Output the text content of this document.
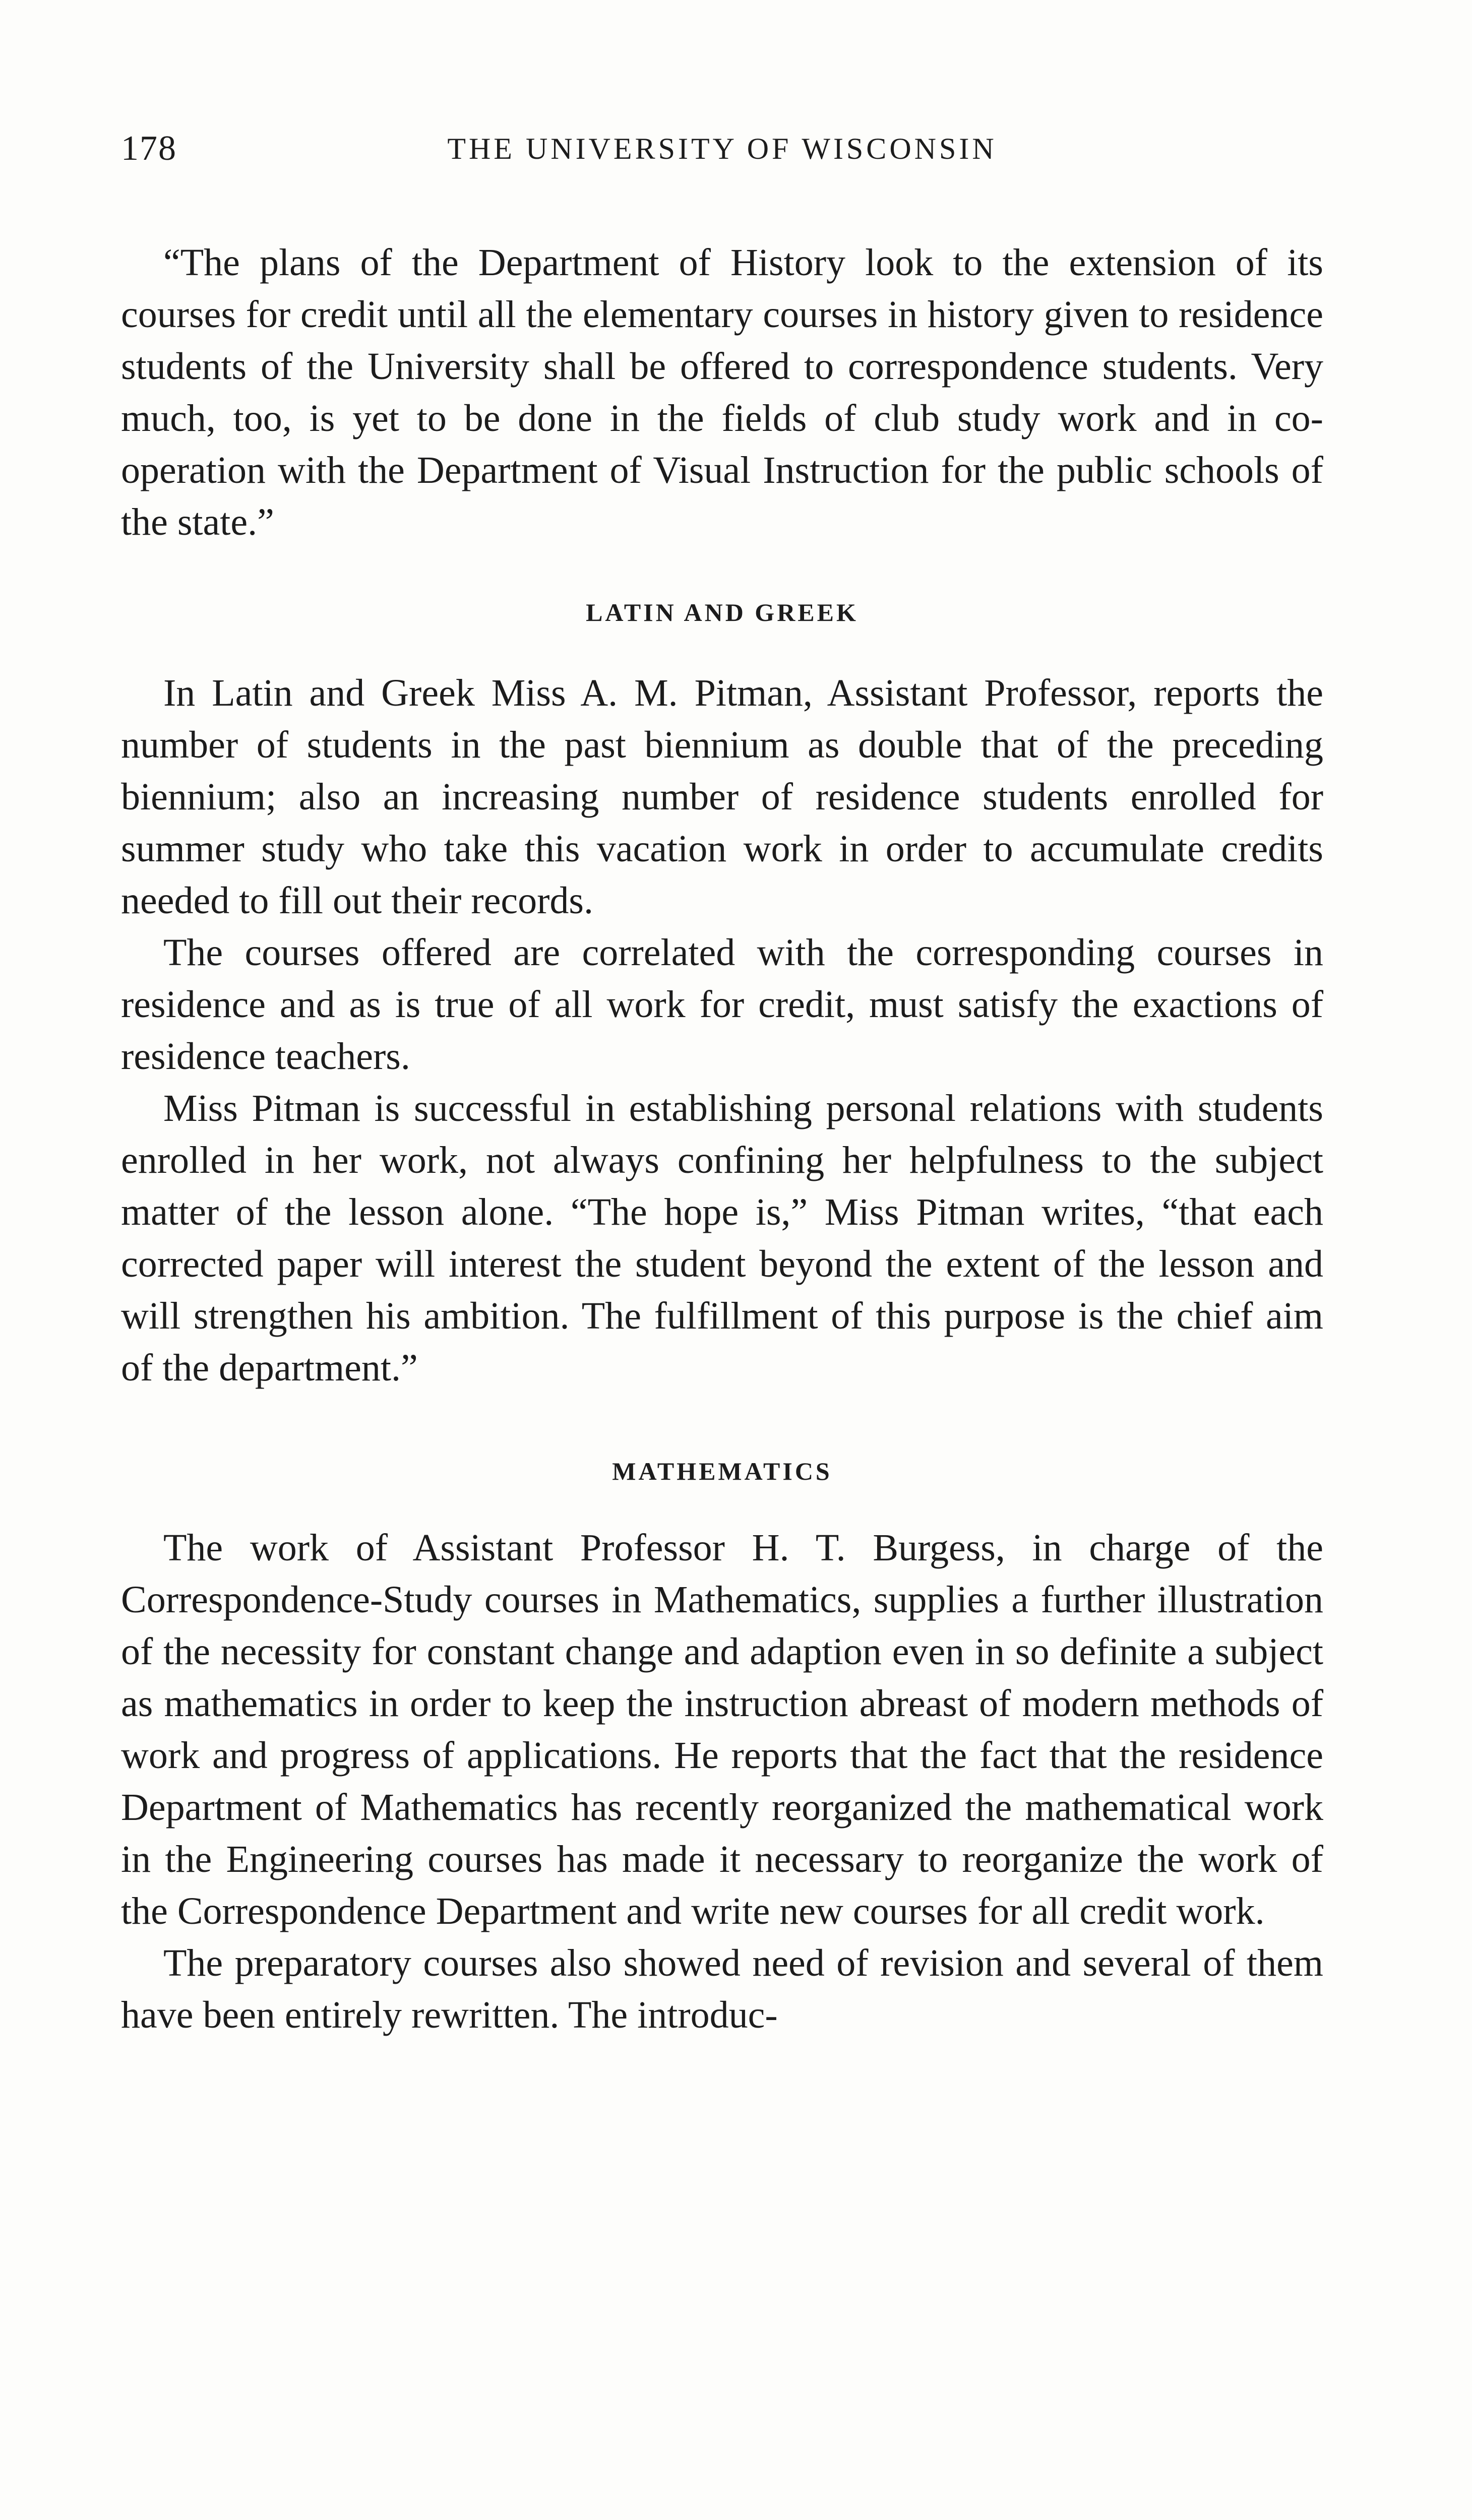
178	THE UNIVERSITY OF WISCONSIN

“The plans of the Department of History look to the extension of its courses for credit until all the elementary courses in history given to residence students of the University shall be offered to correspondence students. Very much, too, is yet to be done in the fields of club study work and in co-operation with the Department of Visual Instruction for the public schools of the state.”

LATIN AND GREEK

In Latin and Greek Miss A. M. Pitman, Assistant Professor, reports the number of students in the past biennium as double that of the preceding biennium; also an increasing number of residence students enrolled for summer study who take this vacation work in order to accumulate credits needed to fill out their records.

The courses offered are correlated with the corresponding courses in residence and as is true of all work for credit, must satisfy the exactions of residence teachers.

Miss Pitman is successful in establishing personal relations with students enrolled in her work, not always confining her helpfulness to the subject matter of the lesson alone. “The hope is,” Miss Pitman writes, “that each corrected paper will interest the student beyond the extent of the lesson and will strengthen his ambition. The fulfillment of this purpose is the chief aim of the department.”

MATHEMATICS

The work of Assistant Professor H. T. Burgess, in charge of the Correspondence-Study courses in Mathematics, supplies a further illustration of the necessity for constant change and adaption even in so definite a subject as mathematics in order to keep the instruction abreast of modern methods of work and progress of applications. He reports that the fact that the residence Department of Mathematics has recently reorganized the mathematical work in the Engineering courses has made it necessary to reorganize the work of the Correspondence Department and write new courses for all credit work.

The preparatory courses also showed need of revision and several of them have been entirely rewritten. The introduc-
